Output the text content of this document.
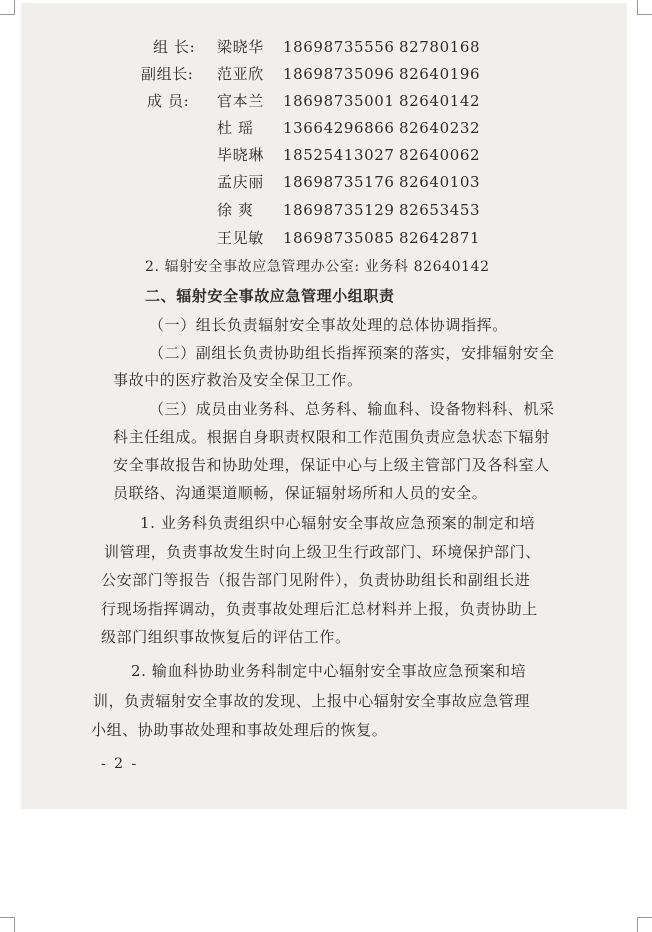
组 长: 梁晓华 18698735556 82780168
副组长: 范亚欣 18698735096 82640196
成 员: 官本兰 18698735001 82640142
杜 瑶 13664296866 82640232
毕晓琳 18525413027 82640062
孟庆丽 18698735176 82640103
徐 爽 18698735129 82653453
王见敏 18698735085 82642871
2. 辐射安全事故应急管理办公室: 业务科 82640142
二、辐射安全事故应急管理小组职责
（一）组长负责辐射安全事故处理的总体协调指挥。
（二）副组长负责协助组长指挥预案的落实，安排辐射安全
事故中的医疗救治及安全保卫工作。
（三）成员由业务科、总务科、输血科、设备物料科、机采
科主任组成。根据自身职责权限和工作范围负责应急状态下辐射
安全事故报告和协助处理，保证中心与上级主管部门及各科室人
员联络、沟通渠道顺畅，保证辐射场所和人员的安全。
1. 业务科负责组织中心辐射安全事故应急预案的制定和培
训管理，负责事故发生时向上级卫生行政部门、环境保护部门、
公安部门等报告（报告部门见附件），负责协助组长和副组长进
行现场指挥调动，负责事故处理后汇总材料并上报，负责协助上
级部门组织事故恢复后的评估工作。
2. 输血科协助业务科制定中心辐射安全事故应急预案和培
训，负责辐射安全事故的发现、上报中心辐射安全事故应急管理
小组、协助事故处理和事故处理后的恢复。
- 2 -
